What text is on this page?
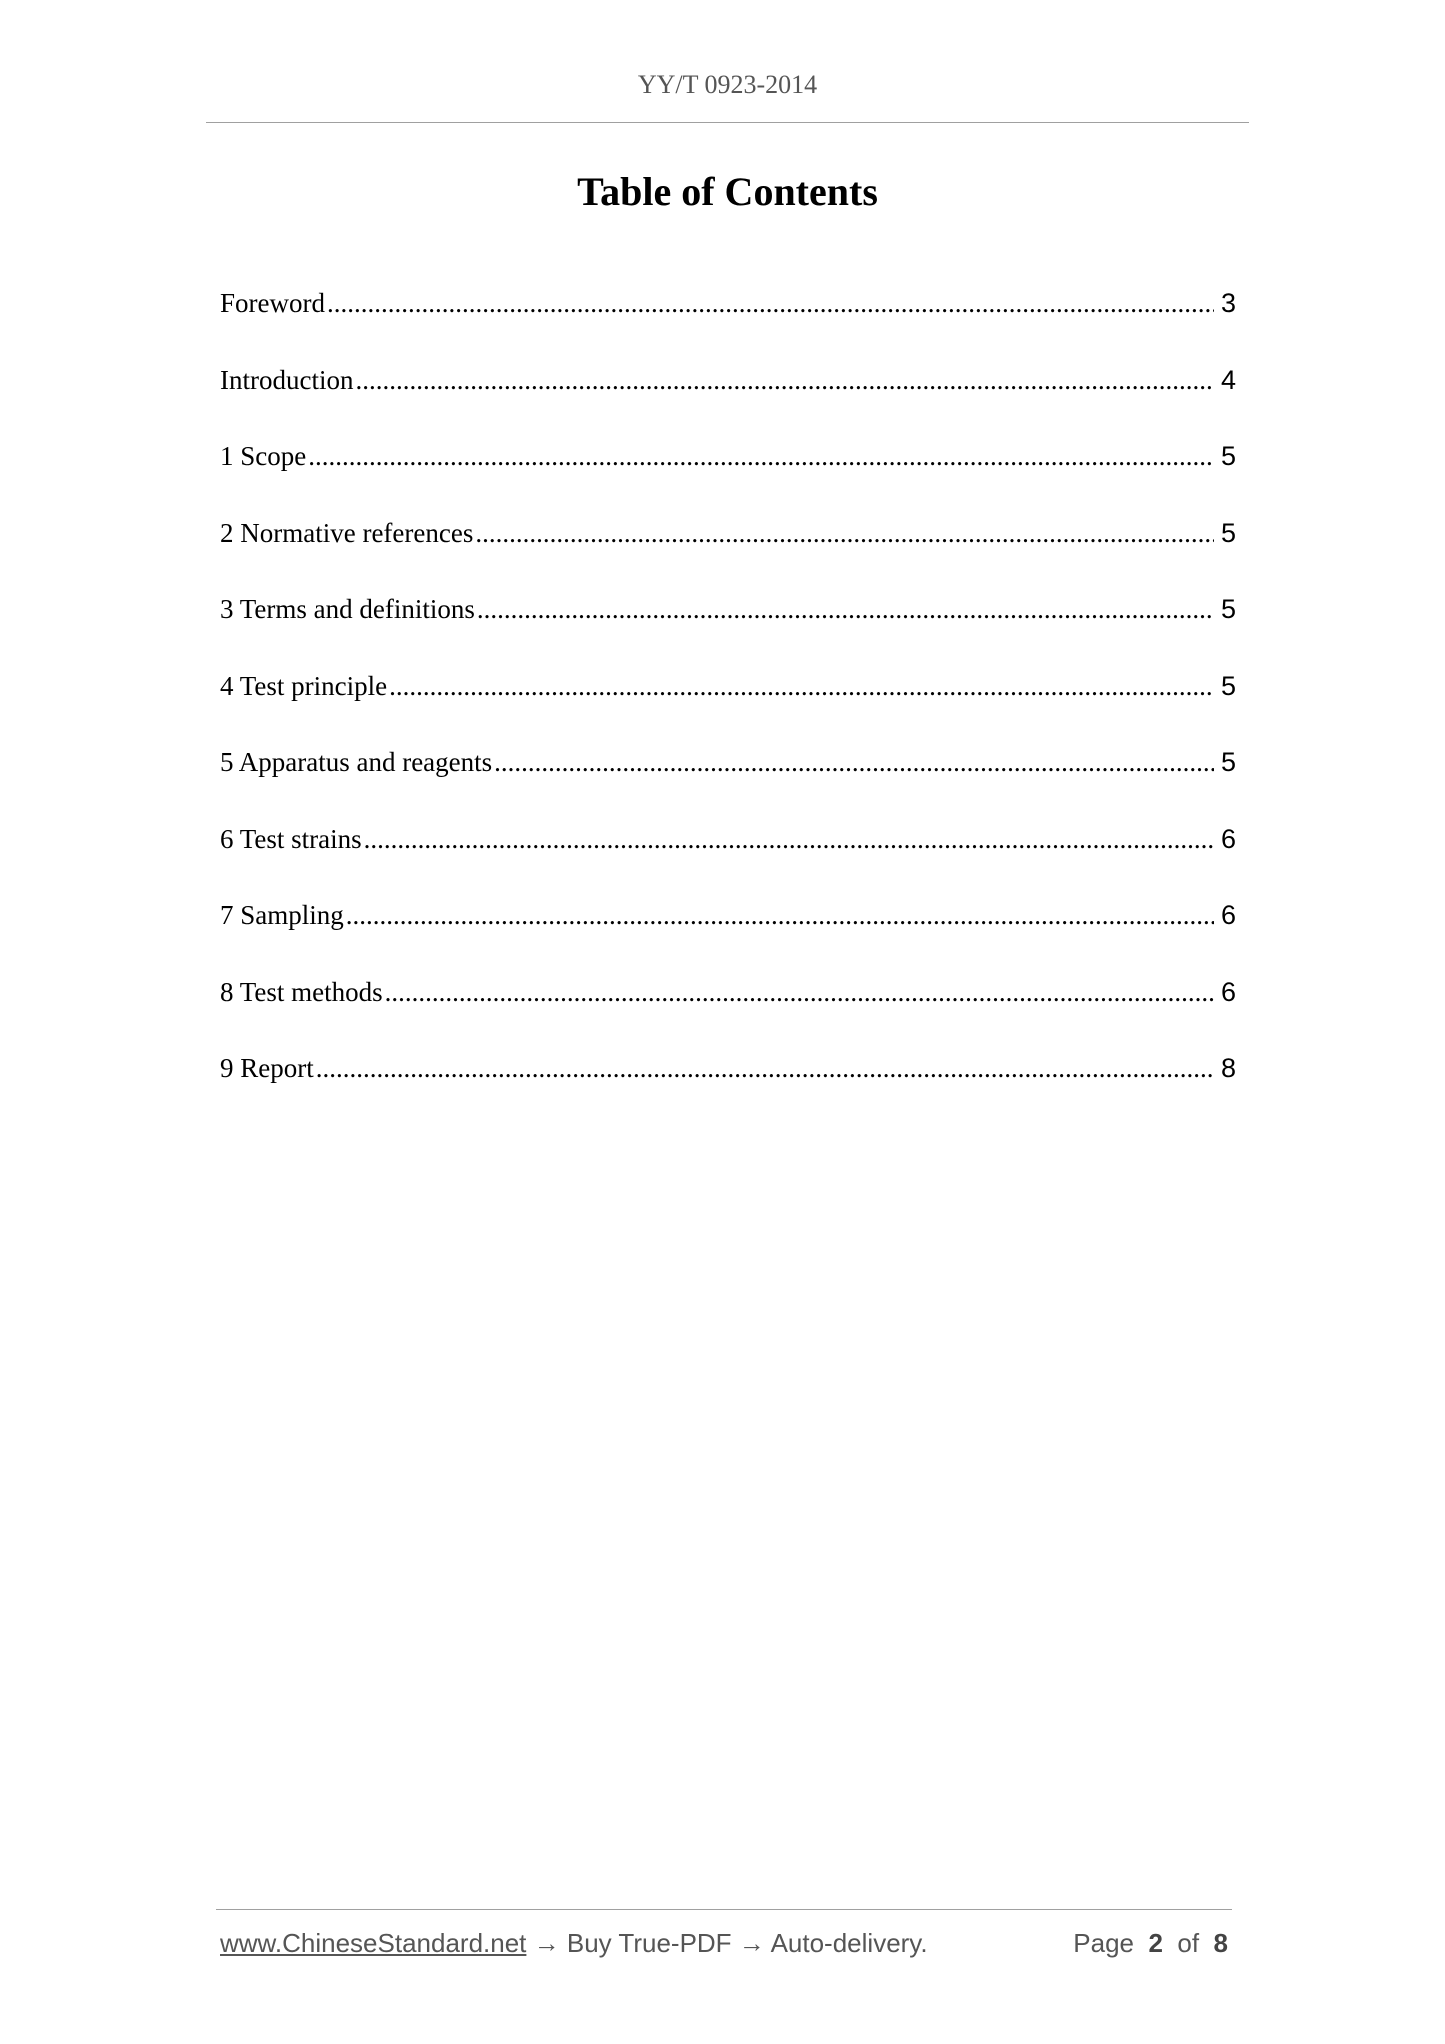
YY/T 0923-2014
Table of Contents
Foreword .....	3
Introduction .....	4
1 Scope .....	5
2 Normative references .....	5
3 Terms and definitions .....	5
4 Test principle .....	5
5 Apparatus and reagents .....	5
6 Test strains .....	6
7 Sampling .....	6
8 Test methods .....	6
9 Report .....	8
www.ChineseStandard.net → Buy True-PDF → Auto-delivery.	Page 2 of 8
